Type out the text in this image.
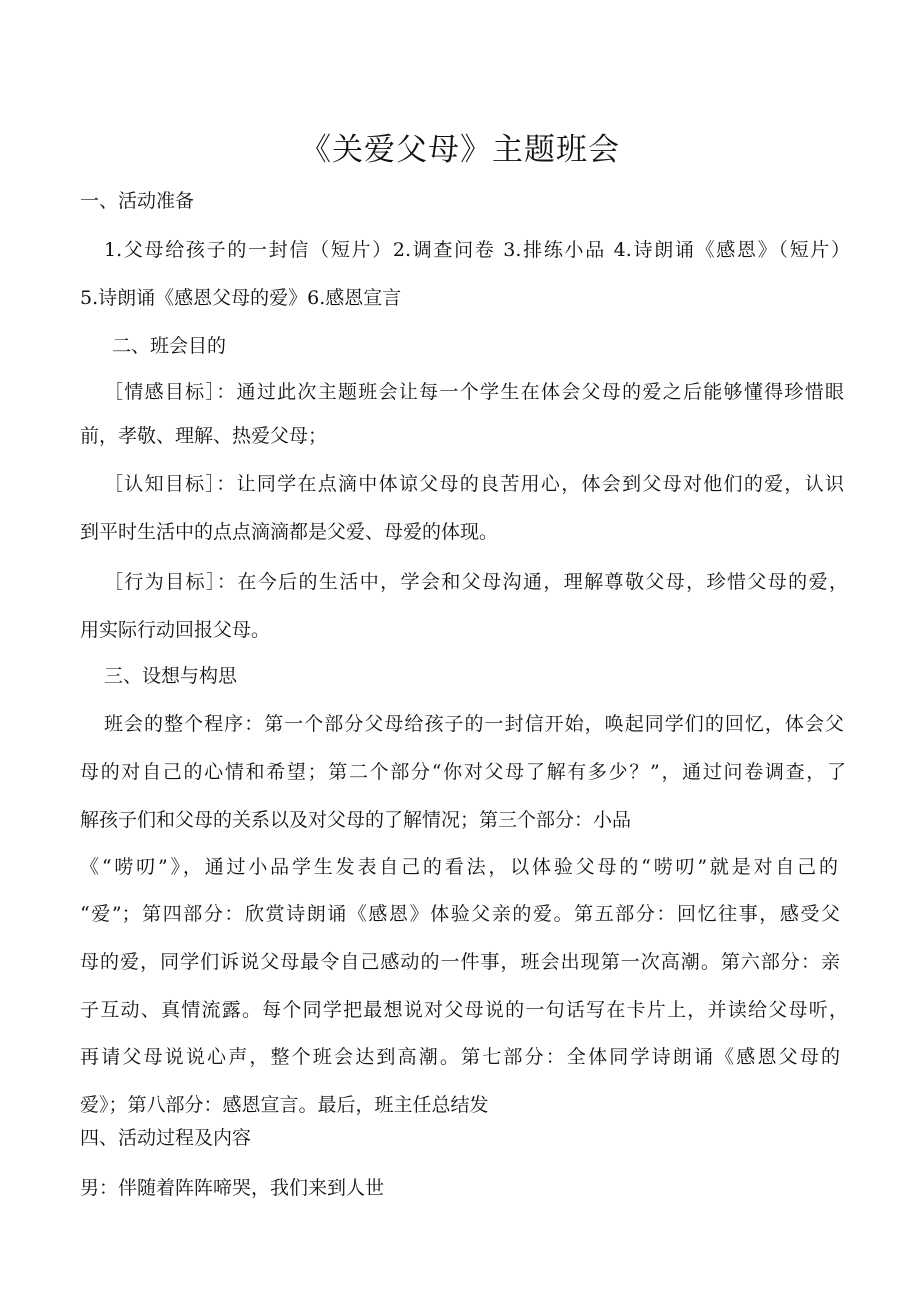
《关爱父母》主题班会

一、活动准备

1.父母给孩子的一封信（短片）2.调查问卷 3.排练小品 4.诗朗诵《感恩》（短片）

5.诗朗诵《感恩父母的爱》6.感恩宣言

二、班会目的

［情感目标］：通过此次主题班会让每一个学生在体会父母的爱之后能够懂得珍惜眼

前，孝敬、理解、热爱父母；

［认知目标］：让同学在点滴中体谅父母的良苦用心，体会到父母对他们的爱，认识

到平时生活中的点点滴滴都是父爱、母爱的体现。

［行为目标］：在今后的生活中，学会和父母沟通，理解尊敬父母，珍惜父母的爱，

用实际行动回报父母。

三、设想与构思

班会的整个程序：第一个部分父母给孩子的一封信开始，唤起同学们的回忆，体会父

母的对自己的心情和希望；第二个部分“你对父母了解有多少？”，通过问卷调查，了

解孩子们和父母的关系以及对父母的了解情况；第三个部分：小品

《“唠叨”》，通过小品学生发表自己的看法，以体验父母的“唠叨”就是对自己的

“爱”；第四部分：欣赏诗朗诵《感恩》体验父亲的爱。第五部分：回忆往事，感受父

母的爱，同学们诉说父母最令自己感动的一件事，班会出现第一次高潮。第六部分：亲

子互动、真情流露。每个同学把最想说对父母说的一句话写在卡片上，并读给父母听，

再请父母说说心声，整个班会达到高潮。第七部分：全体同学诗朗诵《感恩父母的

爱》；第八部分：感恩宣言。最后，班主任总结发

四、活动过程及内容

男：伴随着阵阵啼哭，我们来到人世
